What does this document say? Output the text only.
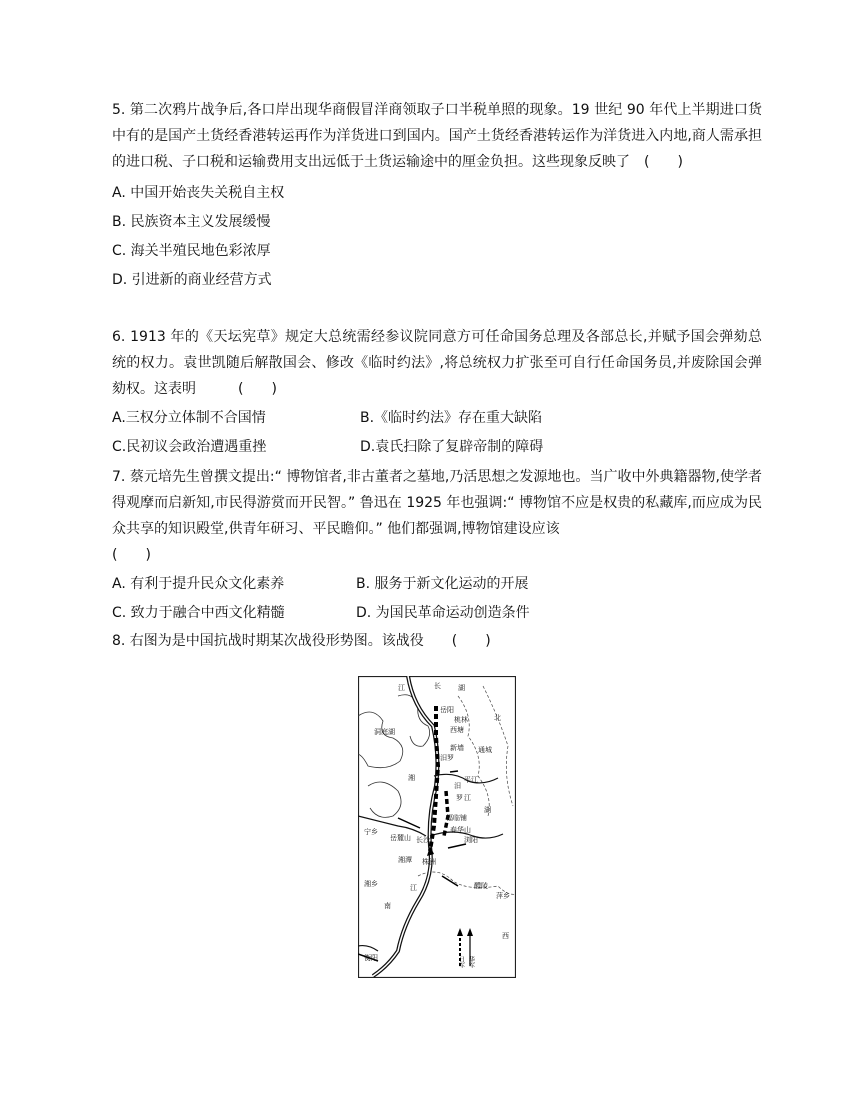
5. 第二次鸦片战争后,各口岸出现华商假冒洋商领取子口半税单照的现象。19 世纪 90 年代上半期进口货中有的是国产土货经香港转运再作为洋货进口到国内。国产土货经香港转运作为洋货进入内地,商人需承担的进口税、子口税和运输费用支出远低于土货运输途中的厘金负担。这些现象反映了　(　　)

A. 中国开始丧失关税自主权

B. 民族资本主义发展缓慢

C. 海关半殖民地色彩浓厚

D. 引进新的商业经营方式

6. 1913 年的《天坛宪草》规定大总统需经参议院同意方可任命国务总理及各部总长,并赋予国会弹劾总统的权力。袁世凯随后解散国会、修改《临时约法》,将总统权力扩张至可自行任命国务员,并废除国会弹劾权。这表明　　　(　　)

A.三权分立体制不合国情	B.《临时约法》存在重大缺陷
C.民初议会政治遭遇重挫	D.袁氏扫除了复辟帝制的障碍

7. 蔡元培先生曾撰文提出:“ 博物馆者,非古董者之墓地,乃活思想之发源地也。当广收中外典籍器物,使学者得观摩而启新知,市民得游赏而开民智。” 鲁迅在 1925 年也强调:“ 博物馆不应是权贵的私藏库,而应成为民众共享的知识殿堂,供青年研习、平民瞻仰。” 他们都强调,博物馆建设应该

(　　)

A. 有利于提升民众文化素养	B. 服务于新文化运动的开展
C. 致力于融合中西文化精髓	D. 为国民革命运动创造条件

8. 右图为是中国抗战时期某次战役形势图。该战役　　(　　)

江	长 湖
北
岳阳
桃林
西塘
洞庭湖
新墙
汨罗
通城
平江
汨
罗 江
湖
湘
福临铺
春华山
长沙
宁乡
岳麓山	浏阳
湘潭 株洲
醴陵
萍乡
湘乡
南
江
西
衡阳	日军 华军
